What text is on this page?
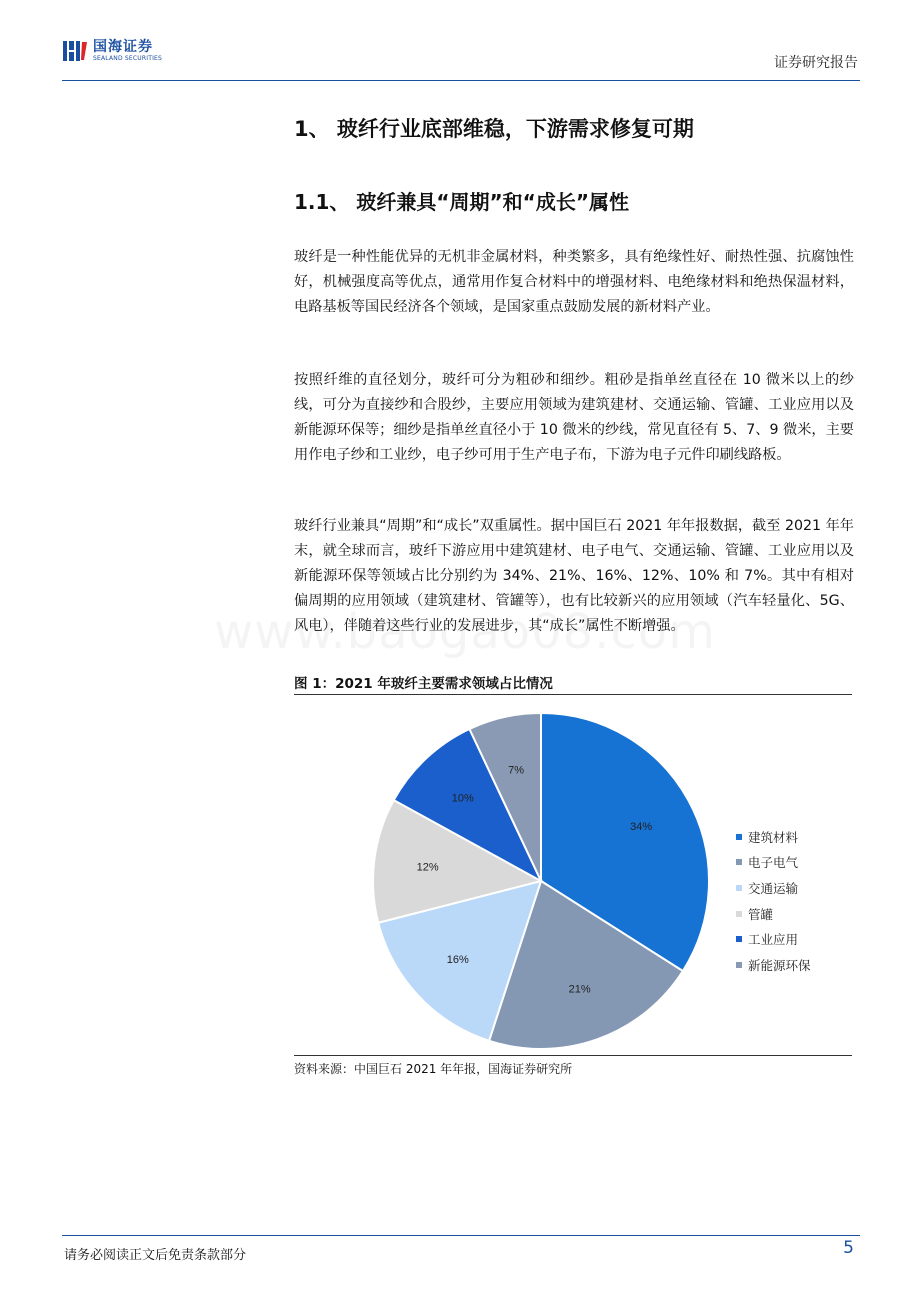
国海证券
SEALAND SECURITIES	证券研究报告
1、 玻纤行业底部维稳，下游需求修复可期
1.1、 玻纤兼具“周期”和“成长”属性
玻纤是一种性能优异的无机非金属材料，种类繁多，具有绝缘性好、耐热性强、抗腐蚀性好，机械强度高等优点，通常用作复合材料中的增强材料、电绝缘材料和绝热保温材料，电路基板等国民经济各个领域，是国家重点鼓励发展的新材料产业。
按照纤维的直径划分，玻纤可分为粗砂和细纱。粗砂是指单丝直径在 10 微米以上的纱线，可分为直接纱和合股纱，主要应用领域为建筑建材、交通运输、管罐、工业应用以及新能源环保等；细纱是指单丝直径小于 10 微米的纱线，常见直径有 5、7、9 微米，主要用作电子纱和工业纱，电子纱可用于生产电子布，下游为电子元件印刷线路板。
玻纤行业兼具“周期”和“成长”双重属性。据中国巨石 2021 年年报数据，截至 2021 年年末，就全球而言，玻纤下游应用中建筑建材、电子电气、交通运输、管罐、工业应用以及新能源环保等领域占比分别约为 34%、21%、16%、12%、10% 和 7%。其中有相对偏周期的应用领域（建筑建材、管罐等），也有比较新兴的应用领域（汽车轻量化、5G、风电），伴随着这些行业的发展进步，其“成长”属性不断增强。
图 1：2021 年玻纤主要需求领域占比情况
34%
21%
16%
12%
10%
7%
建筑材料
电子电气
交通运输
管罐
工业应用
新能源环保
资料来源：中国巨石 2021 年年报，国海证券研究所
请务必阅读正文后免责条款部分	5
